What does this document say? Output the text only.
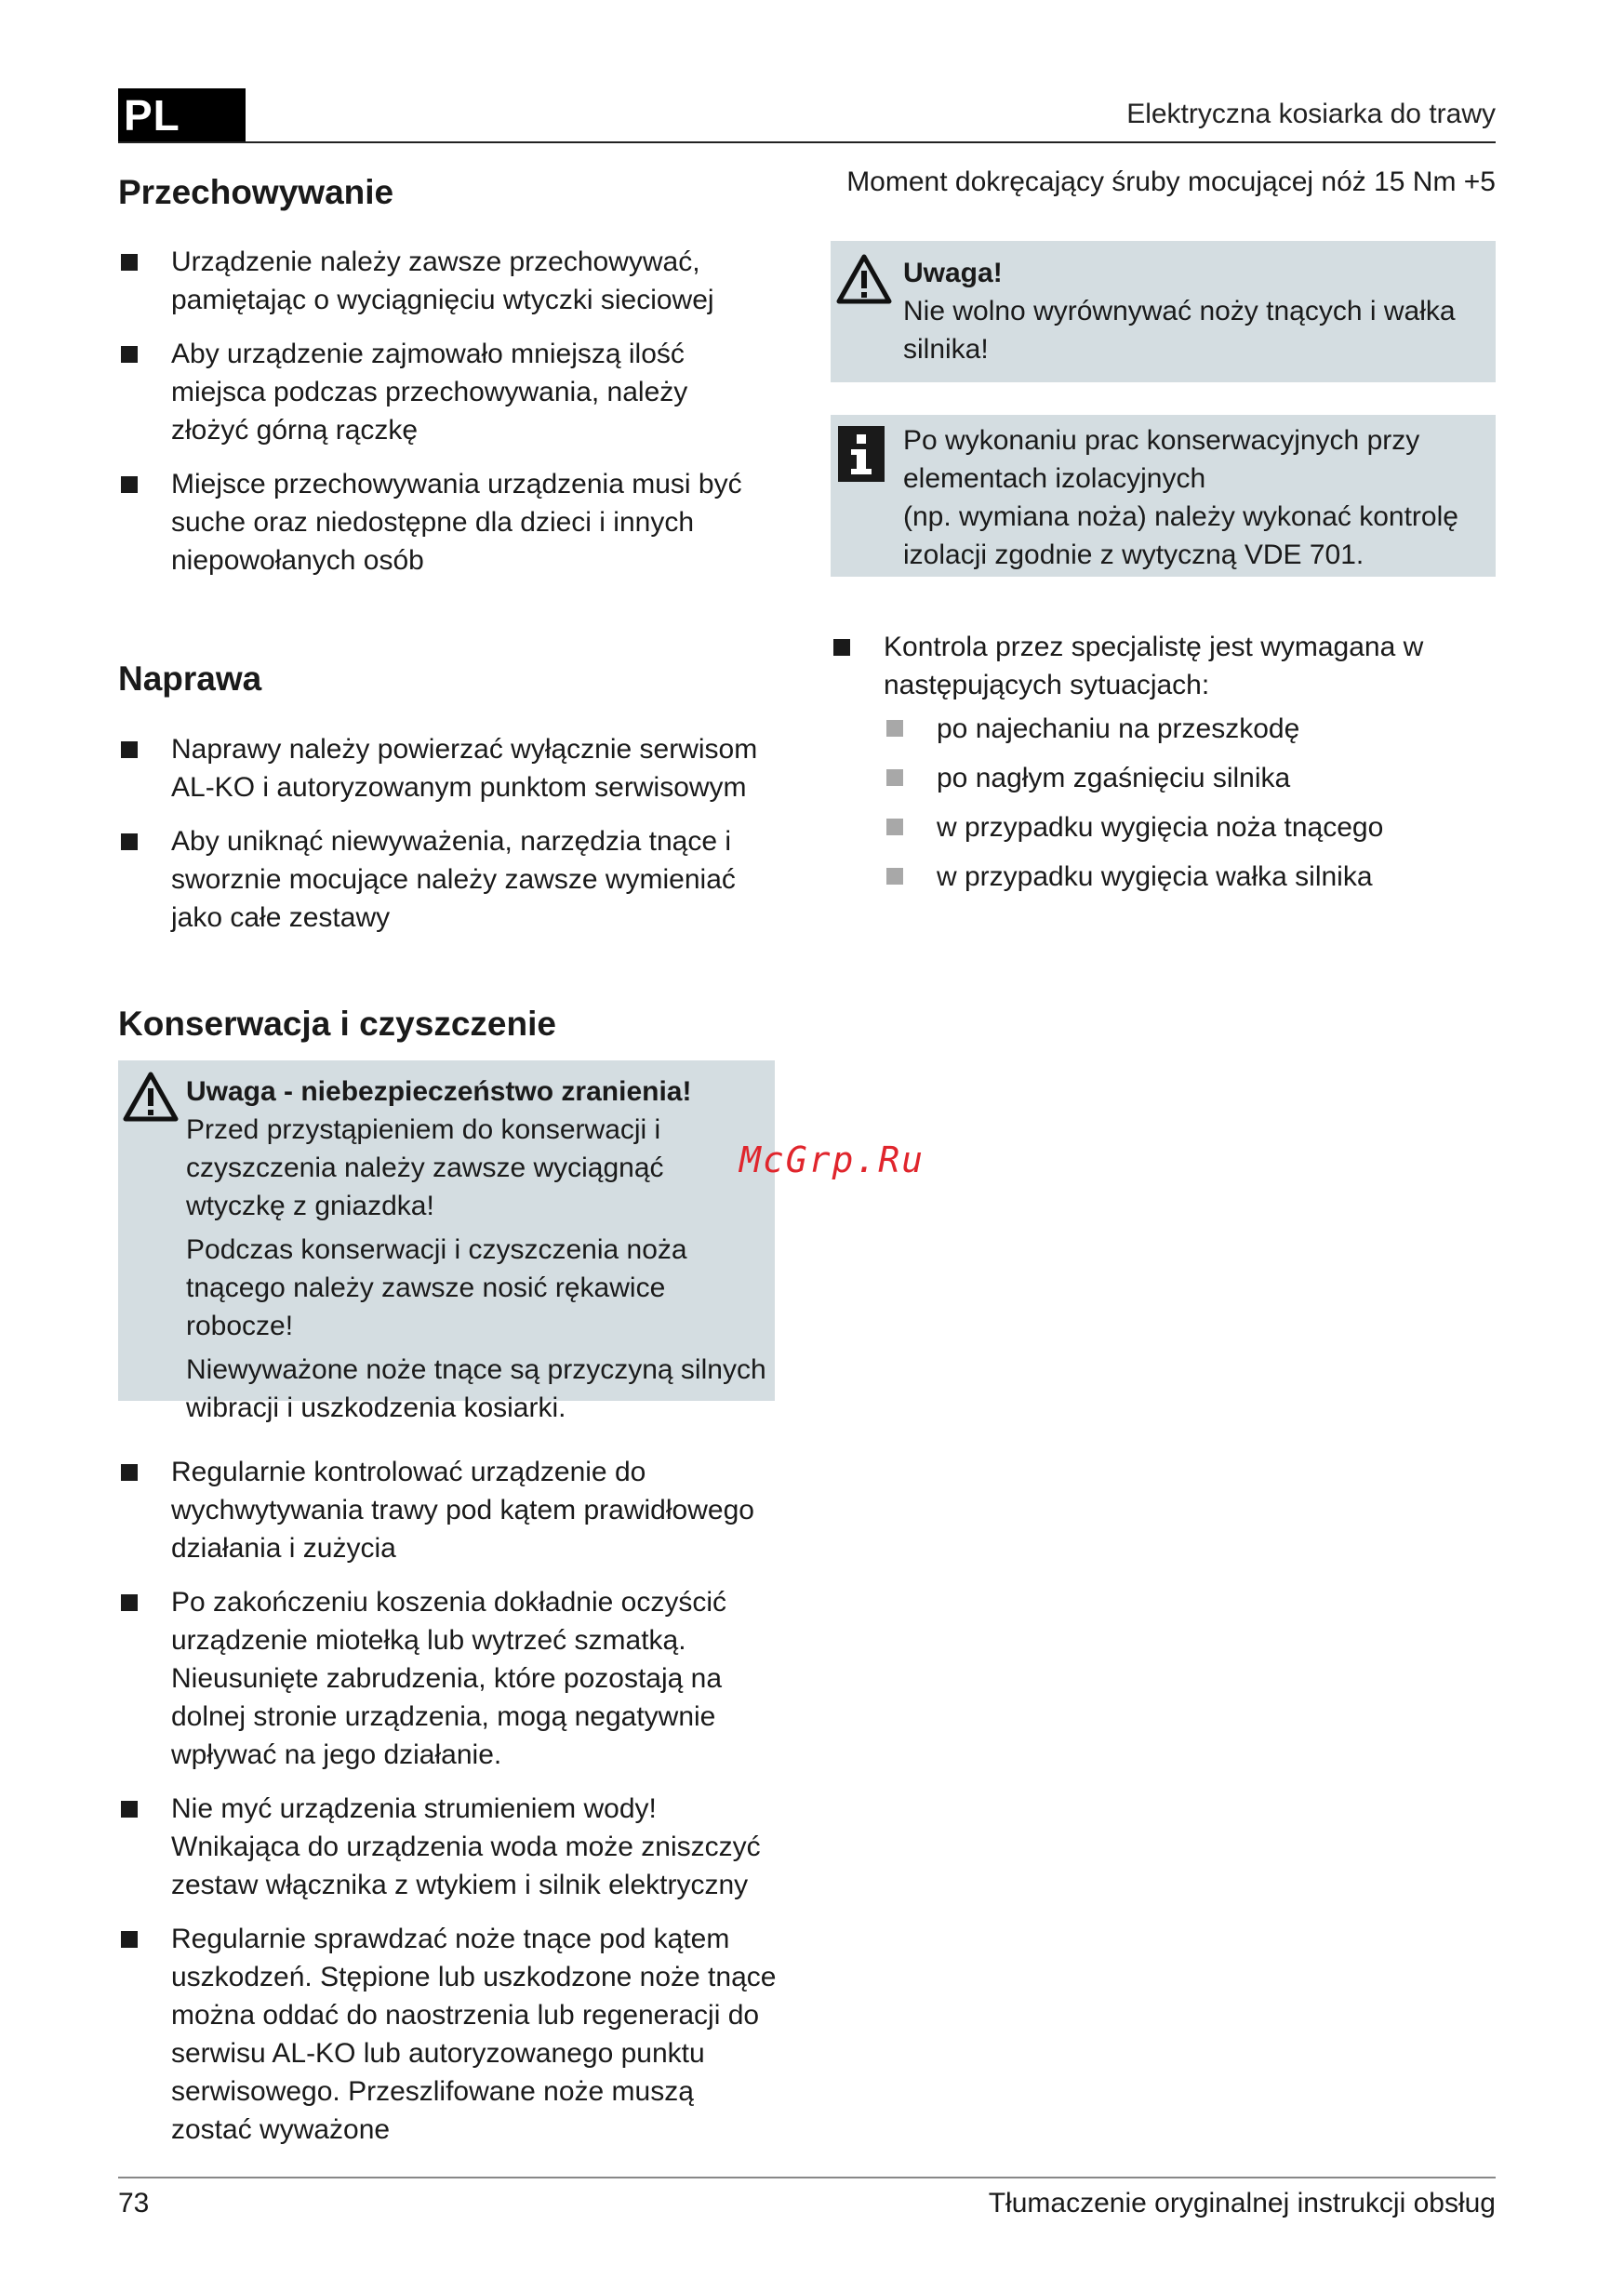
PL	Elektryczna kosiarka do trawy
Przechowywanie
Urządzenie należy zawsze przechowywać, pamiętając o wyciągnięciu wtyczki sieciowej
Aby urządzenie zajmowało mniejszą ilość miejsca podczas przechowywania, należy złożyć górną rączkę
Miejsce przechowywania urządzenia musi być suche oraz niedostępne dla dzieci i innych niepowołanych osób
Naprawa
Naprawy należy powierzać wyłącznie serwisom AL-KO i autoryzowanym punktom serwisowym
Aby uniknąć niewyważenia, narzędzia tnące i sworznie mocujące należy zawsze wymieniać jako całe zestawy
Konserwacja i czyszczenie
Uwaga - niebezpieczeństwo zranienia!

Przed przystąpieniem do konserwacji i czyszczenia należy zawsze wyciągnąć wtyczkę z gniazdka!

Podczas konserwacji i czyszczenia noża tnącego należy zawsze nosić rękawice robocze!

Niewyważone noże tnące są przyczyną silnych wibracji i uszkodzenia kosiarki.

Regularnie kontrolować urządzenie do wychwytywania trawy pod kątem prawidłowego działania i zużycia
Po zakończeniu koszenia dokładnie oczyścić urządzenie miotełką lub wytrzeć szmatką. Nieusunięte zabrudzenia, które pozostają na dolnej stronie urządzenia, mogą negatywnie wpływać na jego działanie.
Nie myć urządzenia strumieniem wody! Wnikająca do urządzenia woda może zniszczyć zestaw włącznika z wtykiem i silnik elektryczny
Regularnie sprawdzać noże tnące pod kątem uszkodzeń. Stępione lub uszkodzone noże tnące można oddać do naostrzenia lub regeneracji do serwisu AL-KO lub autoryzowanego punktu serwisowego. Przeszlifowane noże muszą zostać wyważone
Moment dokręcający śruby mocującej nóż 15 Nm +5
Uwaga!
Nie wolno wyrównywać noży tnących i wałka silnika!
Po wykonaniu prac konserwacyjnych przy elementach izolacyjnych
(np. wymiana noża) należy wykonać kontrolę izolacji zgodnie z wytyczną VDE 701.
Kontrola przez specjalistę jest wymagana w następujących sytuacjach:
po najechaniu na przeszkodę
po nagłym zgaśnięciu silnika
w przypadku wygięcia noża tnącego
w przypadku wygięcia wałka silnika
McGrp.Ru
73	Tłumaczenie oryginalnej instrukcji obsług
